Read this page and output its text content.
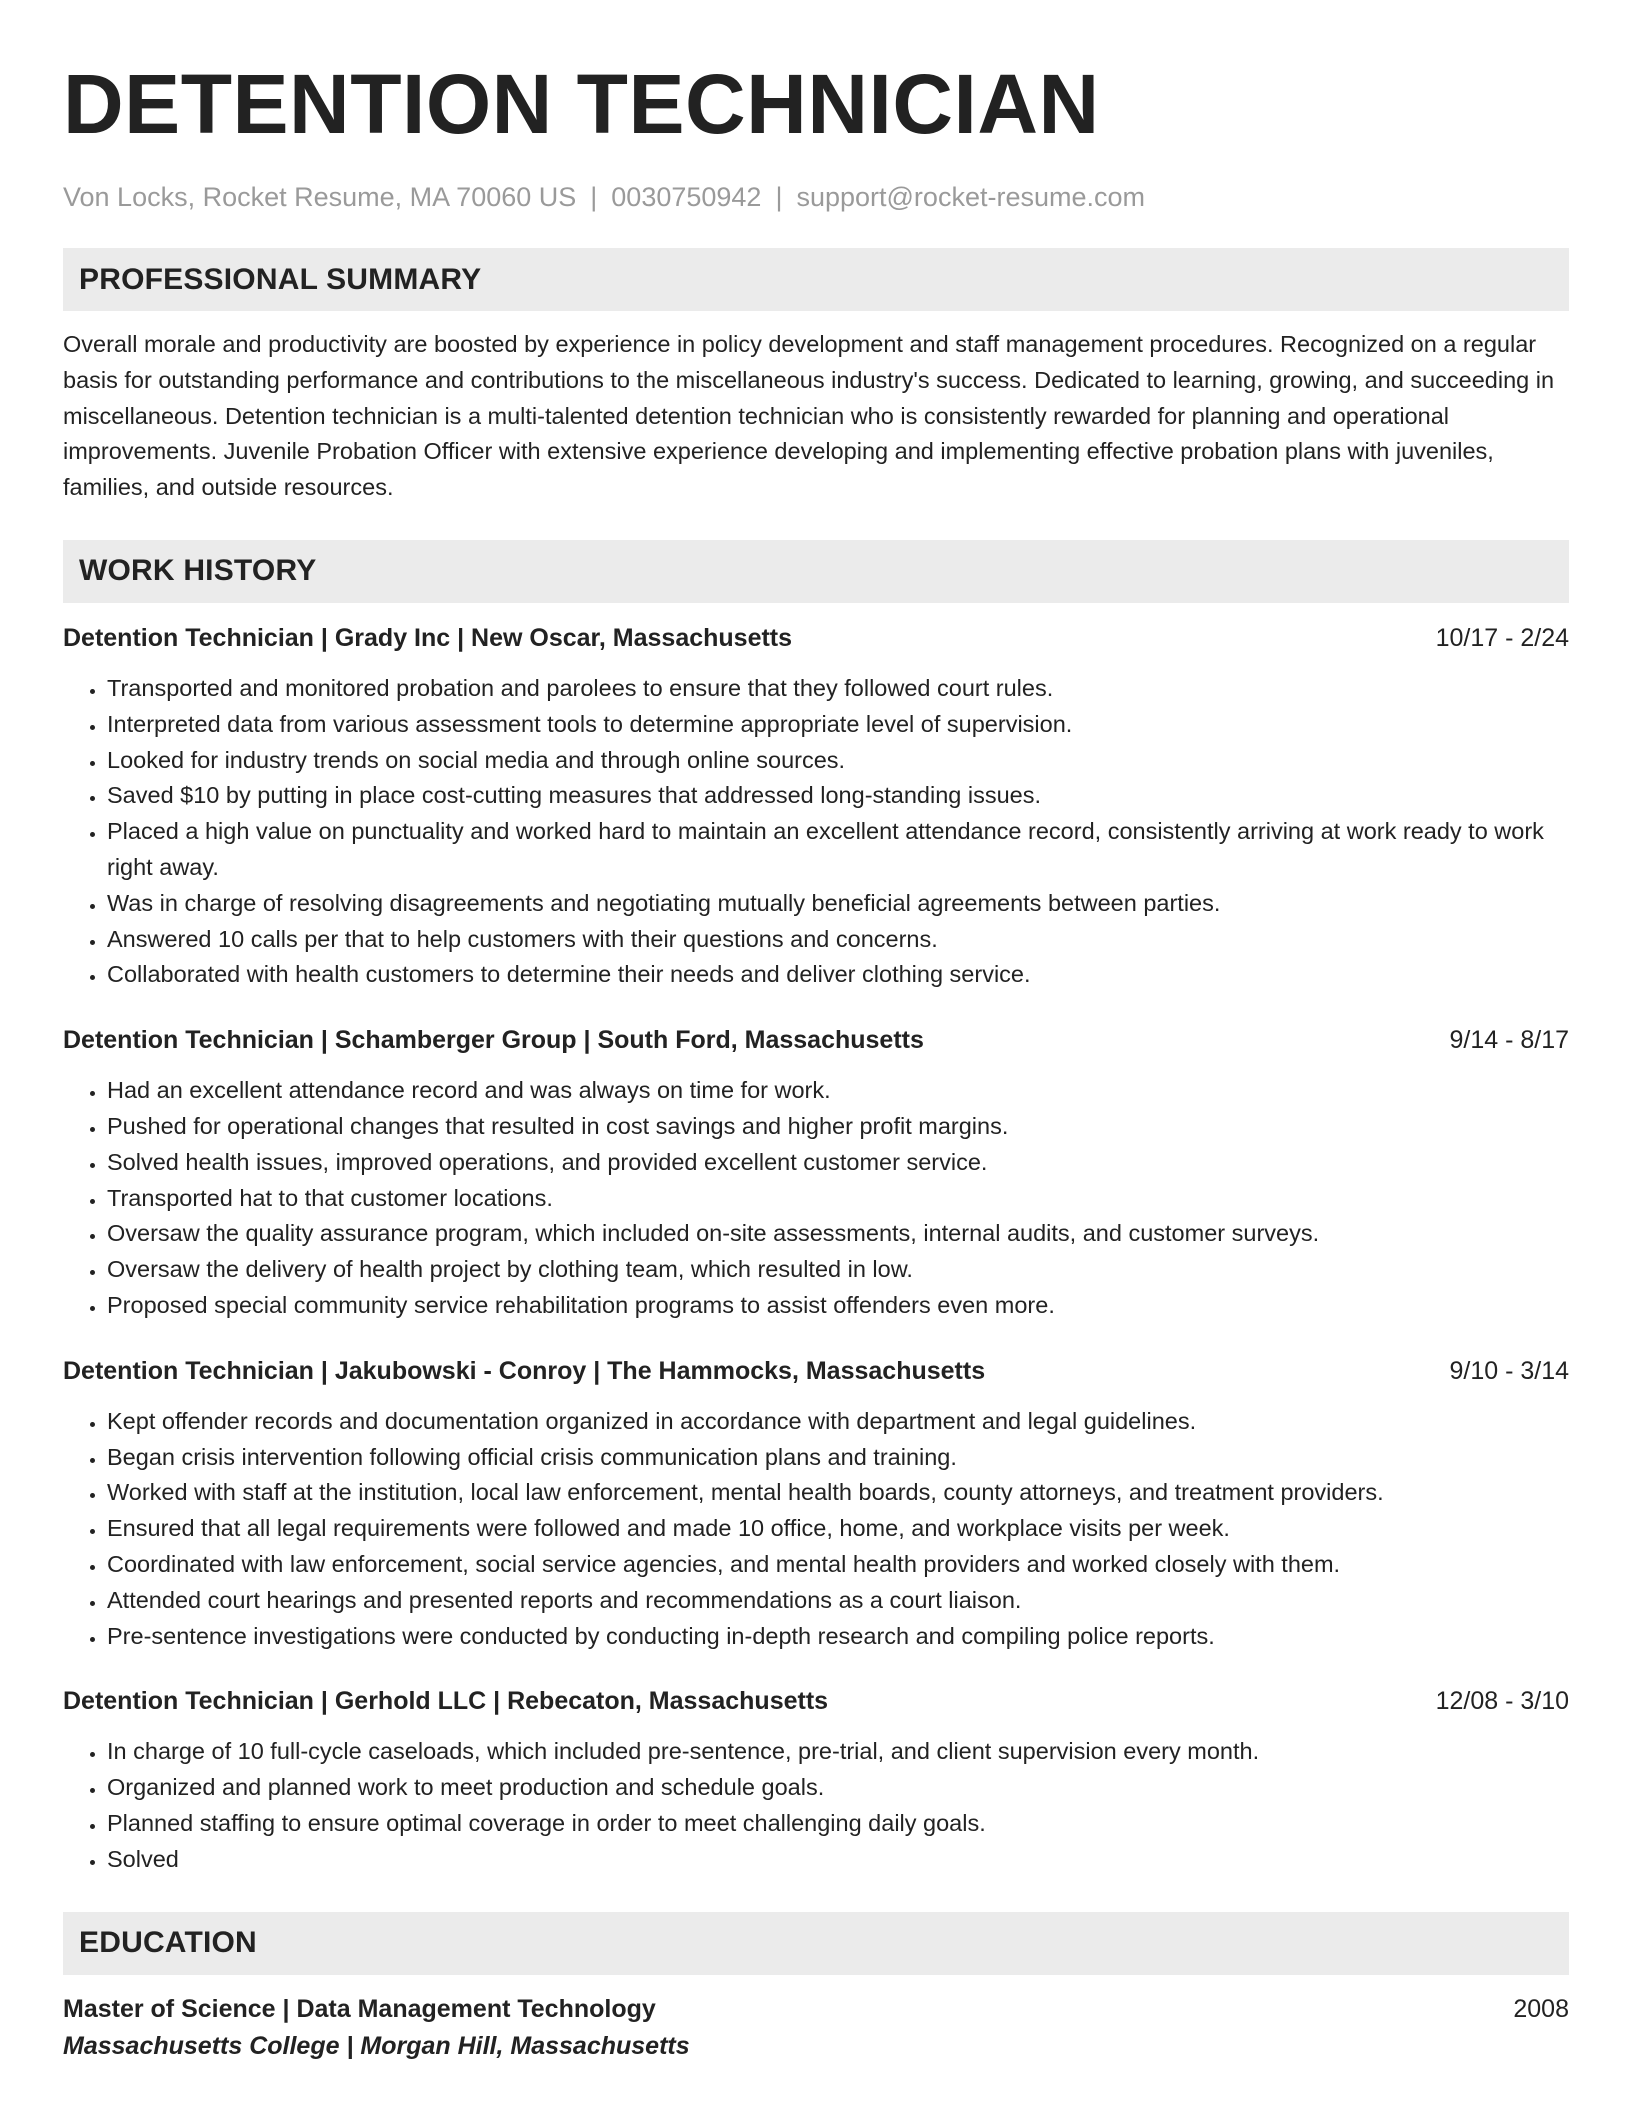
DETENTION TECHNICIAN
Von Locks, Rocket Resume, MA 70060 US | 0030750942 | support@rocket-resume.com
PROFESSIONAL SUMMARY
Overall morale and productivity are boosted by experience in policy development and staff management procedures. Recognized on a regular basis for outstanding performance and contributions to the miscellaneous industry's success. Dedicated to learning, growing, and succeeding in miscellaneous. Detention technician is a multi-talented detention technician who is consistently rewarded for planning and operational improvements. Juvenile Probation Officer with extensive experience developing and implementing effective probation plans with juveniles, families, and outside resources.
WORK HISTORY
Detention Technician | Grady Inc | New Oscar, Massachusetts	10/17 - 2/24
• Transported and monitored probation and parolees to ensure that they followed court rules.
• Interpreted data from various assessment tools to determine appropriate level of supervision.
• Looked for industry trends on social media and through online sources.
• Saved $10 by putting in place cost-cutting measures that addressed long-standing issues.
• Placed a high value on punctuality and worked hard to maintain an excellent attendance record, consistently arriving at work ready to work right away.
• Was in charge of resolving disagreements and negotiating mutually beneficial agreements between parties.
• Answered 10 calls per that to help customers with their questions and concerns.
• Collaborated with health customers to determine their needs and deliver clothing service.
Detention Technician | Schamberger Group | South Ford, Massachusetts	9/14 - 8/17
• Had an excellent attendance record and was always on time for work.
• Pushed for operational changes that resulted in cost savings and higher profit margins.
• Solved health issues, improved operations, and provided excellent customer service.
• Transported hat to that customer locations.
• Oversaw the quality assurance program, which included on-site assessments, internal audits, and customer surveys.
• Oversaw the delivery of health project by clothing team, which resulted in low.
• Proposed special community service rehabilitation programs to assist offenders even more.
Detention Technician | Jakubowski - Conroy | The Hammocks, Massachusetts	9/10 - 3/14
• Kept offender records and documentation organized in accordance with department and legal guidelines.
• Began crisis intervention following official crisis communication plans and training.
• Worked with staff at the institution, local law enforcement, mental health boards, county attorneys, and treatment providers.
• Ensured that all legal requirements were followed and made 10 office, home, and workplace visits per week.
• Coordinated with law enforcement, social service agencies, and mental health providers and worked closely with them.
• Attended court hearings and presented reports and recommendations as a court liaison.
• Pre-sentence investigations were conducted by conducting in-depth research and compiling police reports.
Detention Technician | Gerhold LLC | Rebecaton, Massachusetts	12/08 - 3/10
• In charge of 10 full-cycle caseloads, which included pre-sentence, pre-trial, and client supervision every month.
• Organized and planned work to meet production and schedule goals.
• Planned staffing to ensure optimal coverage in order to meet challenging daily goals.
• Solved
EDUCATION
Master of Science | Data Management Technology	2008
Massachusetts College | Morgan Hill, Massachusetts
